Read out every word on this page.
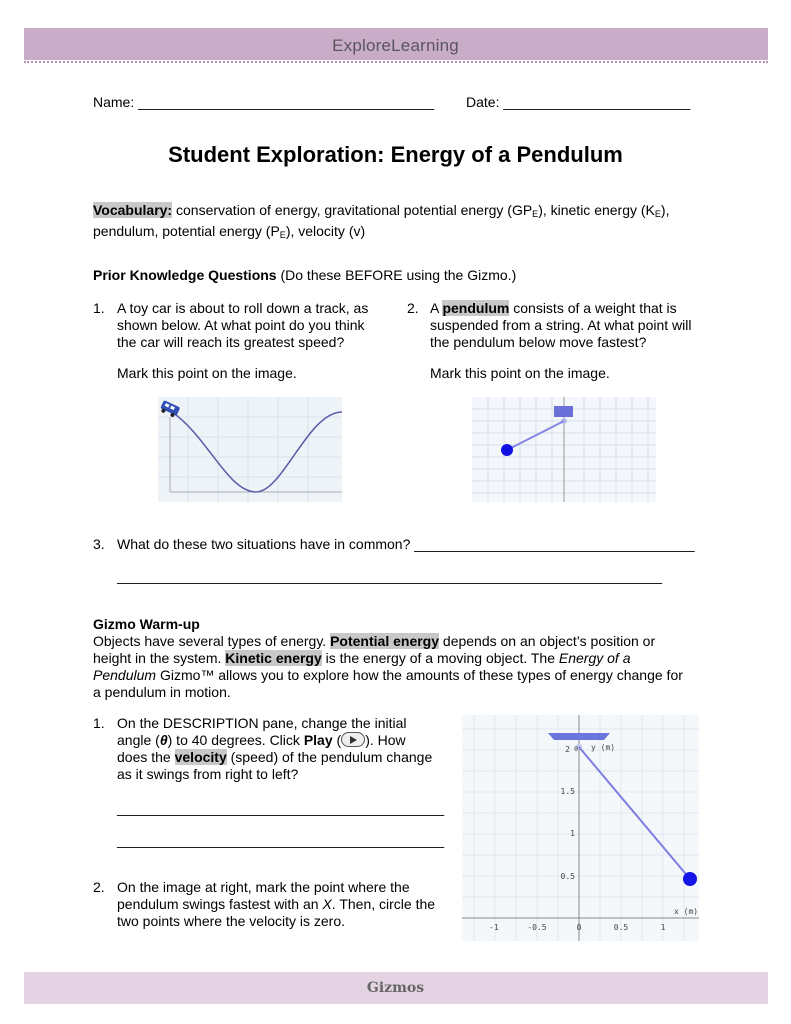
ExploreLearning
Name: ______________________________________ Date: ________________________
Student Exploration: Energy of a Pendulum
Vocabulary: conservation of energy, gravitational potential energy $(GP_E)$, kinetic energy $(K_E)$,
pendulum, potential energy $(P_E)$, velocity (v)
Prior Knowledge Questions (Do these BEFORE using the Gizmo.)
1. A toy car is about to roll down a track, as
shown below. At what point do you think
the car will reach its greatest speed?
Mark this point on the image.
2. A pendulum consists of a weight that is
suspended from a string. At what point will
the pendulum below move fastest?
Mark this point on the image.
3. What do these two situations have in common? ____________________________________
______________________________________________________________________
Gizmo Warm-up
Objects have several types of energy. Potential energy depends on an object’s position or
height in the system. Kinetic energy is the energy of a moving object. The Energy of a
Pendulum Gizmo™ allows you to explore how the amounts of these types of energy change for
a pendulum in motion.
1. On the DESCRIPTION pane, change the initial
angle (θ) to 40 degrees. Click Play ( ). How
does the velocity (speed) of the pendulum change
as it swings from right to left?
__________________________________________
__________________________________________
2. On the image at right, mark the point where the
pendulum swings fastest with an X. Then, circle the
two points where the velocity is zero.
y (m)
x (m)
2
1.5
1
0.5
-1	-0.5	0	0.5	1
θ
Gizmos
